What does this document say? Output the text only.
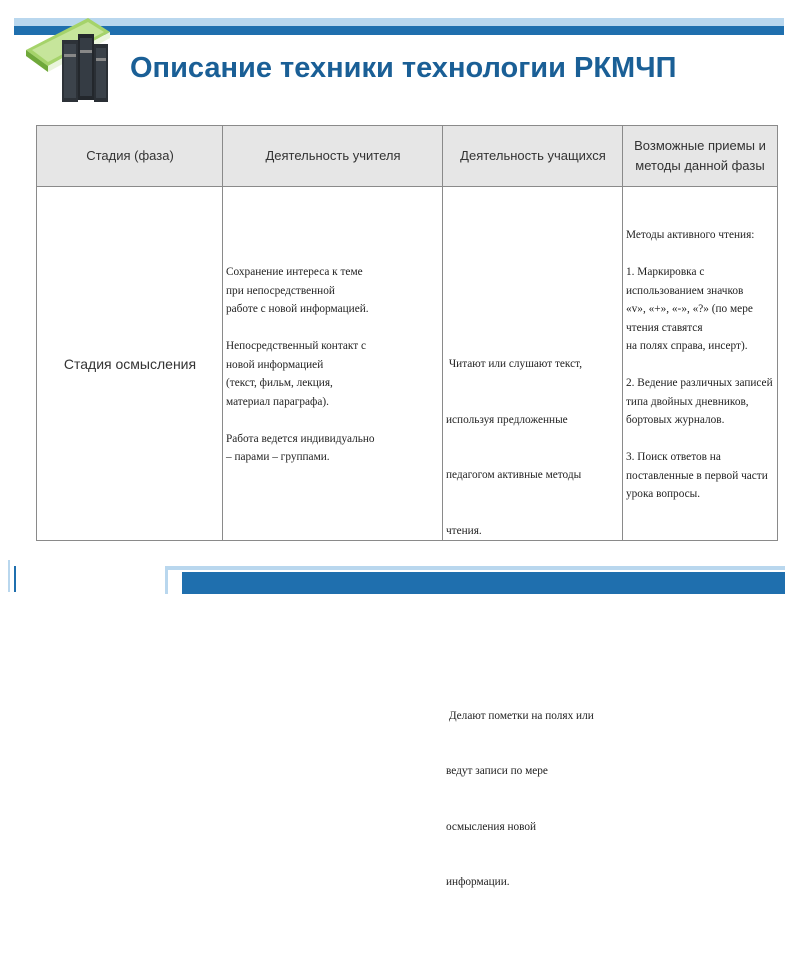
Описание техники технологии РКМЧП
Стадия (фаза)	Деятельность учителя	Деятельность учащихся
Возможные приемы и методы данной фазы
Стадия осмысления
Сохранение интереса к теме
при непосредственной
работе с новой информацией.
Непосредственный контакт с
новой информацией
(текст, фильм, лекция,
материал параграфа).
Работа ведется индивидуально
– парами – группами.

Читают или слушают текст,

используя предложенные

педагогом активные методы

чтения.

Делают пометки на полях или

ведут записи по мере

осмысления новой

информации.

Методы активного чтения:
1. Маркировка с
использованием значков
«v», «+», «-», «?» (по мере
чтения ставятся
на полях справа, инсерт).
2. Ведение различных записей
типа двойных дневников,
бортовых журналов.
3. Поиск ответов на
поставленные в первой части
урока вопросы.
